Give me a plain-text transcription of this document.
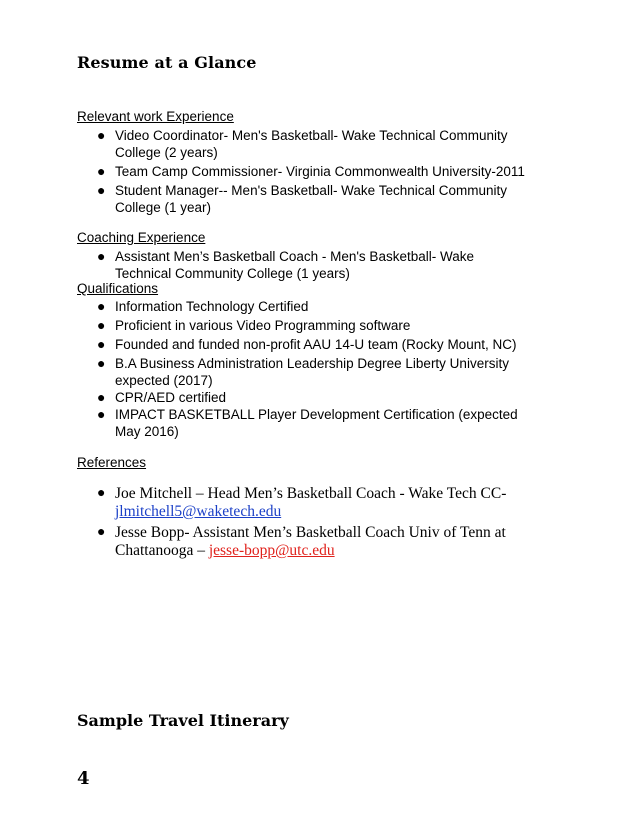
Resume at a Glance
Relevant work Experience
● Video Coordinator- Men's Basketball- Wake Technical Community College (2 years)
● Team Camp Commissioner- Virginia Commonwealth University-2011
● Student Manager-- Men's Basketball- Wake Technical Community College (1 year)
Coaching Experience
● Assistant Men’s Basketball Coach - Men's Basketball- Wake Technical Community College (1 years)
Qualifications
● Information Technology Certified
● Proficient in various Video Programming software
● Founded and funded non-profit AAU 14-U team (Rocky Mount, NC)
● B.A Business Administration Leadership Degree Liberty University expected (2017)
● CPR/AED certified
● IMPACT BASKETBALL Player Development Certification (expected May 2016)
References
● Joe Mitchell – Head Men’s Basketball Coach - Wake Tech CC- jlmitchell5@waketech.edu
● Jesse Bopp- Assistant Men’s Basketball Coach Univ of Tenn at Chattanooga – jesse-bopp@utc.edu
Sample Travel Itinerary
4
